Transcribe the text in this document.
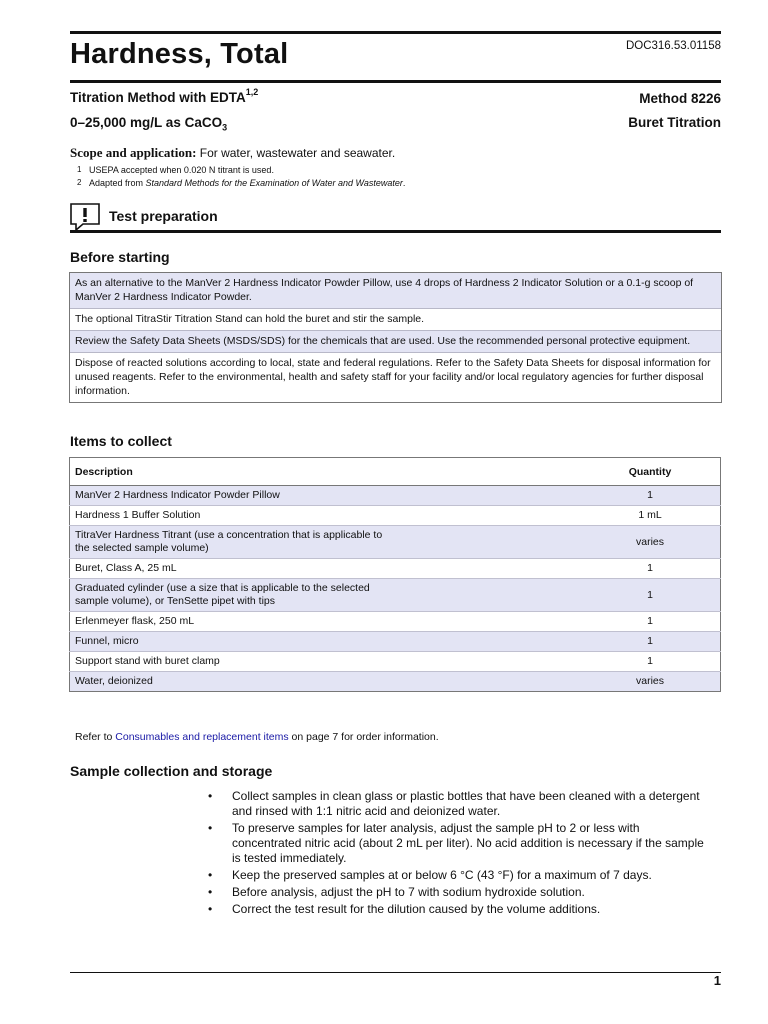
Hardness, Total	DOC316.53.01158
Titration Method with EDTA$^{1,2}$	Method 8226
0–25,000 mg/L as CaCO$_3$	Buret Titration
Scope and application: For water, wastewater and seawater.
1 USEPA accepted when 0.020 N titrant is used.
2 Adapted from Standard Methods for the Examination of Water and Wastewater.
Test preparation
Before starting
As an alternative to the ManVer 2 Hardness Indicator Powder Pillow, use 4 drops of Hardness 2 Indicator Solution or a 0.1-g scoop of ManVer 2 Hardness Indicator Powder.
The optional TitraStir Titration Stand can hold the buret and stir the sample.
Review the Safety Data Sheets (MSDS/SDS) for the chemicals that are used. Use the recommended personal protective equipment.
Dispose of reacted solutions according to local, state and federal regulations. Refer to the Safety Data Sheets for disposal information for unused reagents. Refer to the environmental, health and safety staff for your facility and/or local regulatory agencies for further disposal information.
Items to collect
Description	Quantity
ManVer 2 Hardness Indicator Powder Pillow	1
Hardness 1 Buffer Solution	1 mL
TitraVer Hardness Titrant (use a concentration that is applicable to the selected sample volume)	varies
Buret, Class A, 25 mL	1
Graduated cylinder (use a size that is applicable to the selected sample volume), or TenSette pipet with tips	1
Erlenmeyer flask, 250 mL	1
Funnel, micro	1
Support stand with buret clamp	1
Water, deionized	varies
Refer to Consumables and replacement items on page 7 for order information.
Sample collection and storage
• Collect samples in clean glass or plastic bottles that have been cleaned with a detergent and rinsed with 1:1 nitric acid and deionized water.
• To preserve samples for later analysis, adjust the sample pH to 2 or less with concentrated nitric acid (about 2 mL per liter). No acid addition is necessary if the sample is tested immediately.
• Keep the preserved samples at or below 6 °C (43 °F) for a maximum of 7 days.
• Before analysis, adjust the pH to 7 with sodium hydroxide solution.
• Correct the test result for the dilution caused by the volume additions.
1
